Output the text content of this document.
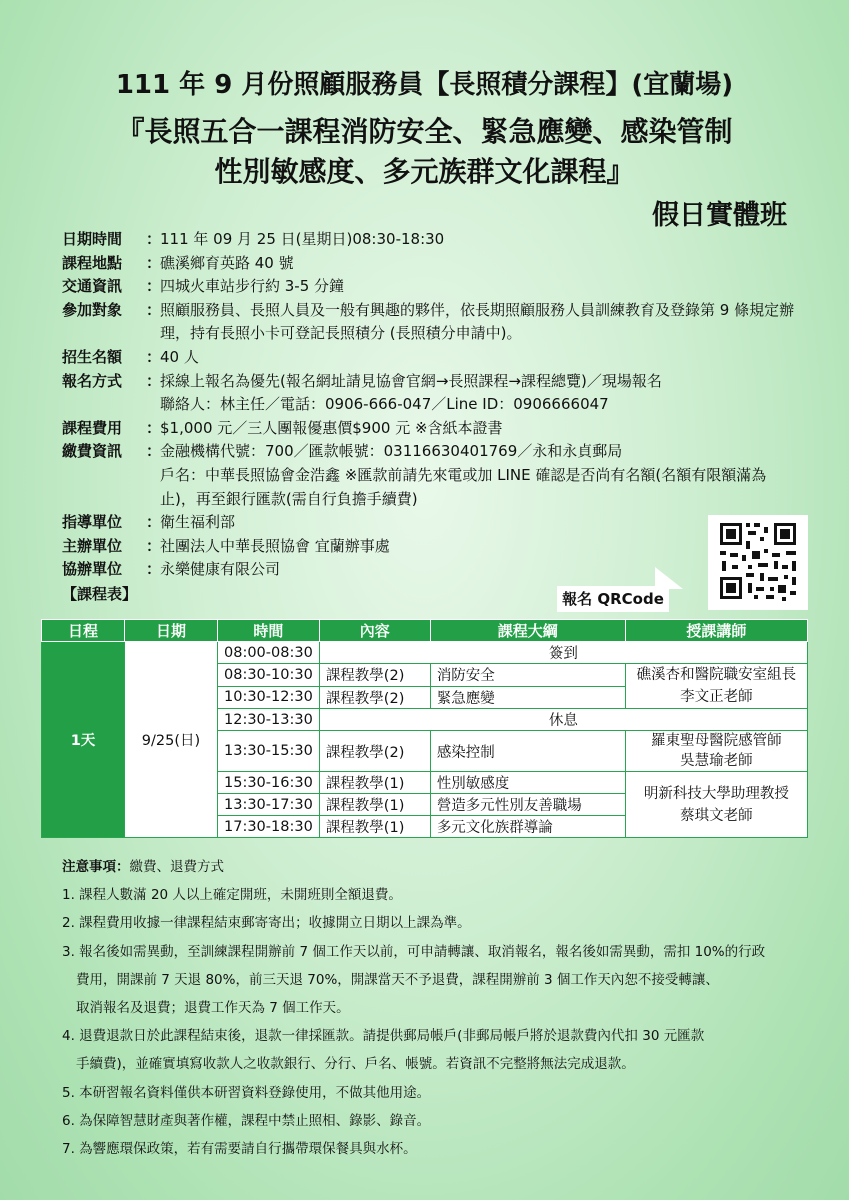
111 年 9 月份照顧服務員【長照積分課程】(宜蘭場)
『長照五合一課程消防安全、緊急應變、感染管制
性別敏感度、多元族群文化課程』
假日實體班
日期時間	：
111 年 09 月 25 日(星期日)08:30-18:30
課程地點	：
礁溪鄉育英路 40 號
交通資訊	：
四城火車站步行約 3-5 分鐘
參加對象	：
照顧服務員、長照人員及一般有興趣的夥伴，依長期照顧服務人員訓練教育及登錄第 9 條規定辦理，持有長照小卡可登記長照積分 (長照積分申請中)。
招生名額	：
40 人
報名方式	：
採線上報名為優先(報名網址請見協會官網→長照課程→課程總覽)／現場報名
聯絡人：林主任／電話：0906-666-047／Line ID：0906666047
課程費用	：
$1,000 元／三人團報優惠價$900 元 ※含紙本證書
繳費資訊	：
金融機構代號：700／匯款帳號：03116630401769／永和永貞郵局
戶名：中華長照協會金浩鑫 ※匯款前請先來電或加 LINE 確認是否尚有名額(名額有限額滿為止)，再至銀行匯款(需自行負擔手續費)
指導單位	：
衛生福利部
主辦單位	：
社團法人中華長照協會 宜蘭辦事處
協辦單位	：
永樂健康有限公司
報名 QRCode
日程	日期	時間	內容	課程大綱	授課講師
1天	9/25(日)	08:00-08:30	簽到		
		08:30-10:30	課程教學(2)	消防安全	礁溪杏和醫院職安室組長
李文正老師
		10:30-12:30	課程教學(2)	緊急應變	
		12:30-13:30	休息		
		13:30-15:30	課程教學(2)	感染控制	羅東聖母醫院感管師
吳慧瑜老師
		15:30-16:30	課程教學(1)	性別敏感度	明新科技大學助理教授
蔡琪文老師
		13:30-17:30	課程教學(1)	營造多元性別友善職場	
		17:30-18:30	課程教學(1)	多元文化族群導論	
注意事項：繳費、退費方式
1. 課程人數滿 20 人以上確定開班，未開班則全額退費。
2. 課程費用收據一律課程結束郵寄寄出；收據開立日期以上課為準。
3. 報名後如需異動，至訓練課程開辦前 7 個工作天以前，可申請轉讓、取消報名，報名後如需異動，需扣 10%的行政
費用，開課前 7 天退 80%，前三天退 70%，開課當天不予退費，課程開辦前 3 個工作天內恕不接受轉讓、
取消報名及退費；退費工作天為 7 個工作天。
4. 退費退款日於此課程結束後，退款一律採匯款。請提供郵局帳戶(非郵局帳戶將於退款費內代扣 30 元匯款
手續費)，並確實填寫收款人之收款銀行、分行、戶名、帳號。若資訊不完整將無法完成退款。
5. 本研習報名資料僅供本研習資料登錄使用，不做其他用途。
6. 為保障智慧財產與著作權，課程中禁止照相、錄影、錄音。
7. 為響應環保政策，若有需要請自行攜帶環保餐具與水杯。
【課程表】
